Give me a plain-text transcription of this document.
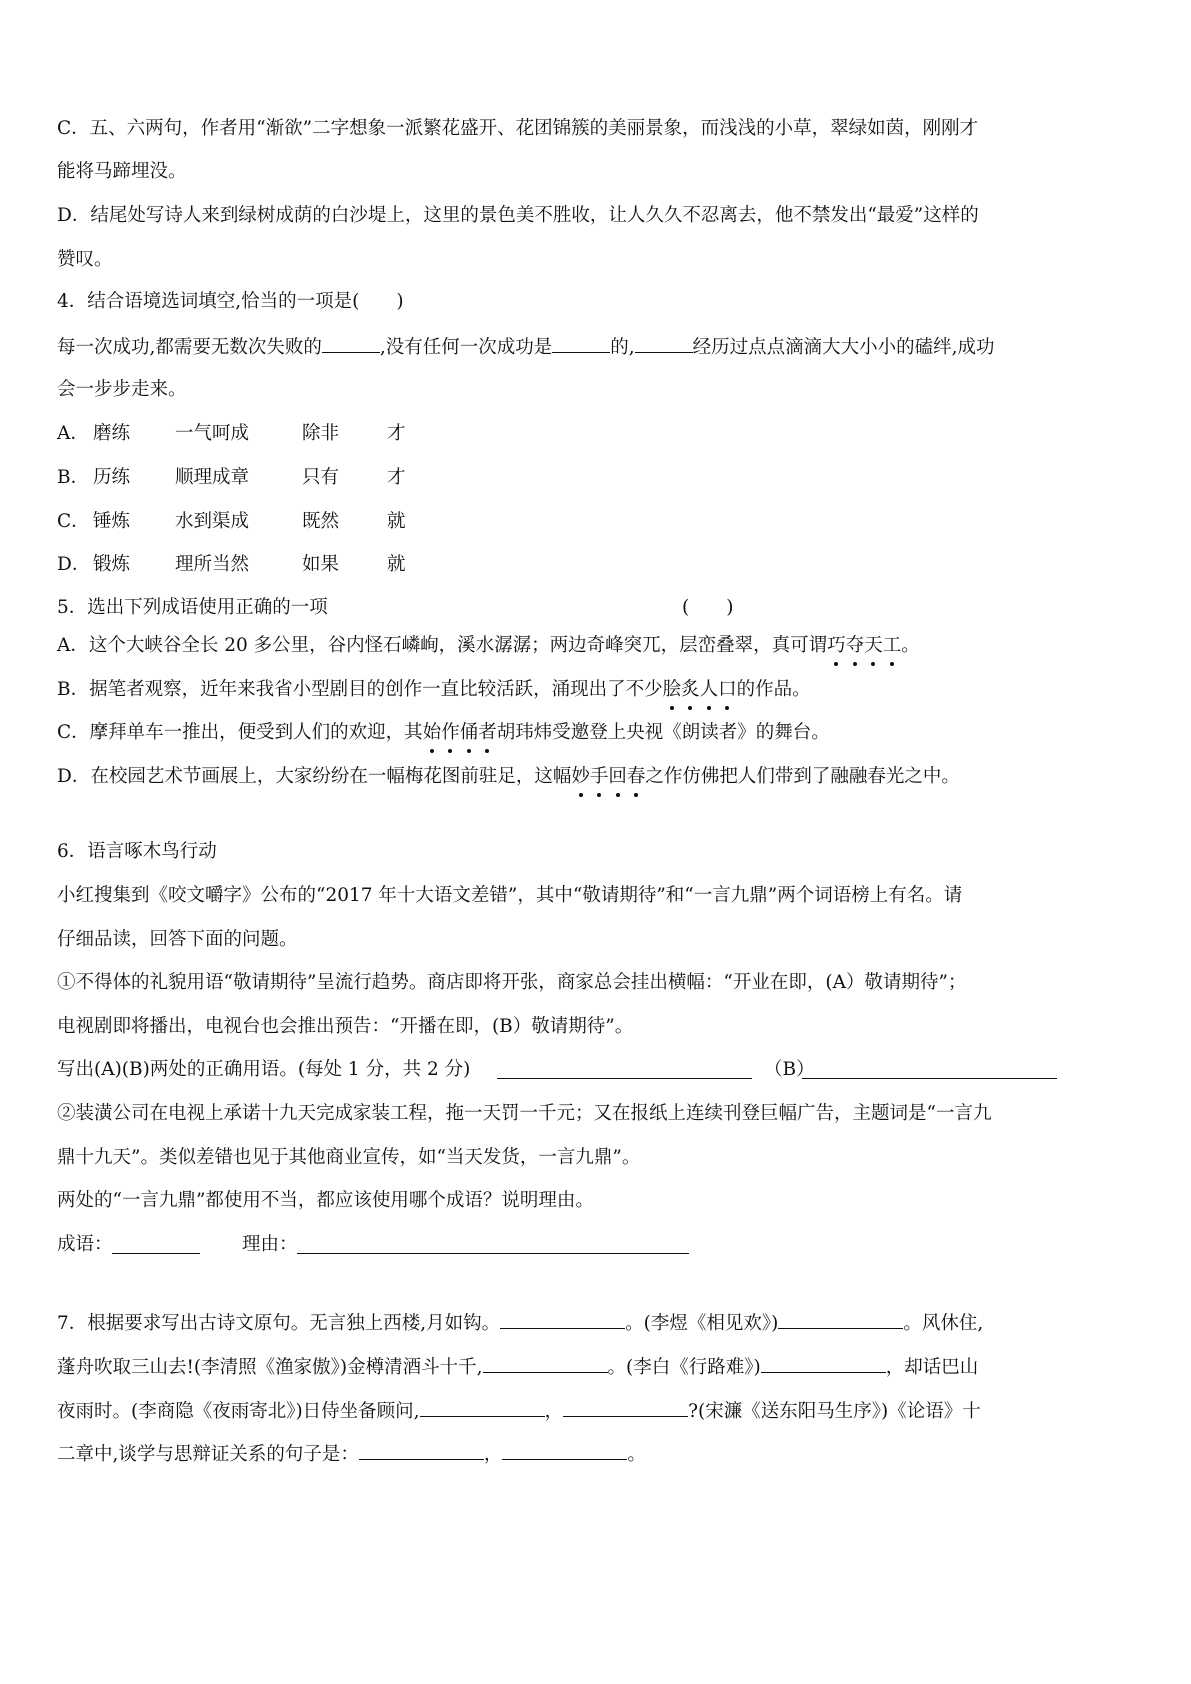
C．五、六两句，作者用“渐欲”二字想象一派繁花盛开、花团锦簇的美丽景象，而浅浅的小草，翠绿如茵，刚刚才
能将马蹄埋没。
D．结尾处写诗人来到绿树成荫的白沙堤上，这里的景色美不胜收，让人久久不忍离去，他不禁发出“最爱”这样的
赞叹。
4．结合语境选词填空,恰当的一项是(　　)
每一次成功,都需要无数次失败的	,没有任何一次成功是	的,	经历过点点滴滴大大小小的磕绊,成功
会一步步走来。
A． 磨练 一气呵成	除非	才
B． 历练 顺理成章	只有	才
C． 锤炼 水到渠成	既然	就
D． 锻炼 理所当然	如果	就
5．选出下列成语使用正确的一项	(　　)
A．这个大峡谷全长 20 多公里，谷内怪石嶙峋，溪水潺潺；两边奇峰突兀，层峦叠翠，真可谓巧夺天工。
B．据笔者观察，近年来我省小型剧目的创作一直比较活跃，涌现出了不少脍炙人口的作品。
C．摩拜单车一推出，便受到人们的欢迎，其始作俑者胡玮炜受邀登上央视《朗读者》的舞台。
D．在校园艺术节画展上，大家纷纷在一幅梅花图前驻足，这幅妙手回春之作仿佛把人们带到了融融春光之中。
6．语言啄木鸟行动
小红搜集到《咬文嚼字》公布的“2017 年十大语文差错”，其中“敬请期待”和“一言九鼎”两个词语榜上有名。请
仔细品读，回答下面的问题。
①不得体的礼貌用语“敬请期待”呈流行趋势。商店即将开张，商家总会挂出横幅：“开业在即，(A）敬请期待”；
电视剧即将播出，电视台也会推出预告：“开播在即，(B）敬请期待”。
写出(A)(B)两处的正确用语。(每处 1 分，共 2 分)	（B）
②装潢公司在电视上承诺十九天完成家装工程，拖一天罚一千元；又在报纸上连续刊登巨幅广告，主题词是“一言九
鼎十九天”。类似差错也见于其他商业宣传，如“当天发货，一言九鼎”。
两处的“一言九鼎”都使用不当，都应该使用哪个成语？说明理由。
成语：	理由：
7．根据要求写出古诗文原句。无言独上西楼,月如钩。	。(李煜《相见欢》)	。风休住,
蓬舟吹取三山去!(李清照《渔家傲》)金樽清酒斗十千,	。(李白《行路难》)	，却话巴山
夜雨时。(李商隐《夜雨寄北》)日侍坐备顾问,	，	?(宋濂《送东阳马生序》)《论语》十
二章中,谈学与思辩证关系的句子是：	，	。
